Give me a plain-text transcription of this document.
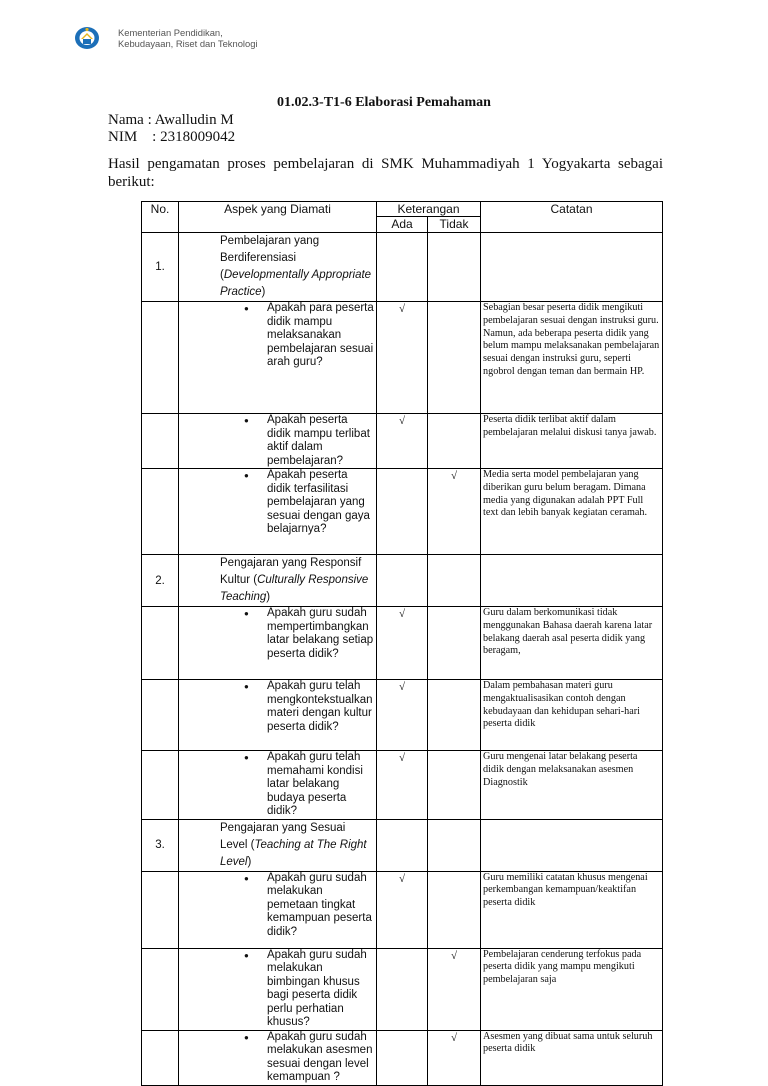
Kementerian Pendidikan,
Kebudayaan, Riset dan Teknologi
01.02.3-T1-6 Elaborasi Pemahaman
Nama : Awalludin M
NIM    : 2318009042
Hasil pengamatan proses pembelajaran di SMK Muhammadiyah 1 Yogyakarta sebagai berikut:
No.	Aspek yang Diamati	Keterangan		Catatan
		Ada	Tidak	
1.	Pembelajaran yang Berdiferensiasi (Developmentally Appropriate Practice)			
	● Apakah para peserta didik mampu melaksanakan pembelajaran sesuai arah guru?	√		Sebagian besar peserta didik mengikuti pembelajaran sesuai dengan instruksi guru. Namun, ada beberapa peserta didik yang belum mampu melaksanakan pembelajaran sesuai dengan instruksi guru, seperti ngobrol dengan teman dan bermain HP.
	● Apakah peserta didik mampu terlibat aktif dalam pembelajaran?	√		Peserta didik terlibat aktif dalam pembelajaran melalui diskusi tanya jawab.
	● Apakah peserta didik terfasilitasi pembelajaran yang sesuai dengan gaya belajarnya?		√	Media serta model pembelajaran yang diberikan guru belum beragam. Dimana media yang digunakan adalah PPT Full text dan lebih banyak kegiatan ceramah.
2.	Pengajaran yang Responsif Kultur (Culturally Responsive Teaching)			
	● Apakah guru sudah mempertimbangkan latar belakang setiap peserta didik?	√		Guru dalam berkomunikasi tidak menggunakan Bahasa daerah karena latar belakang daerah asal peserta didik yang beragam,
	● Apakah guru telah mengkontekstualkan materi dengan kultur peserta didik?	√		Dalam pembahasan materi guru mengaktualisasikan contoh dengan kebudayaan dan kehidupan sehari-hari peserta didik
	● Apakah guru telah memahami kondisi latar belakang budaya peserta didik?	√		Guru mengenai latar belakang peserta didik dengan melaksanakan asesmen Diagnostik
3.	Pengajaran yang Sesuai Level (Teaching at The Right Level)			
	● Apakah guru sudah melakukan pemetaan tingkat kemampuan peserta didik?	√		Guru memiliki catatan khusus mengenai perkembangan kemampuan/keaktifan peserta didik
	● Apakah guru sudah melakukan bimbingan khusus bagi peserta didik perlu perhatian khusus?		√	Pembelajaran cenderung terfokus pada peserta didik yang mampu mengikuti pembelajaran saja
	● Apakah guru sudah melakukan asesmen sesuai dengan level kemampuan ?		√	Asesmen yang dibuat sama untuk seluruh peserta didik
